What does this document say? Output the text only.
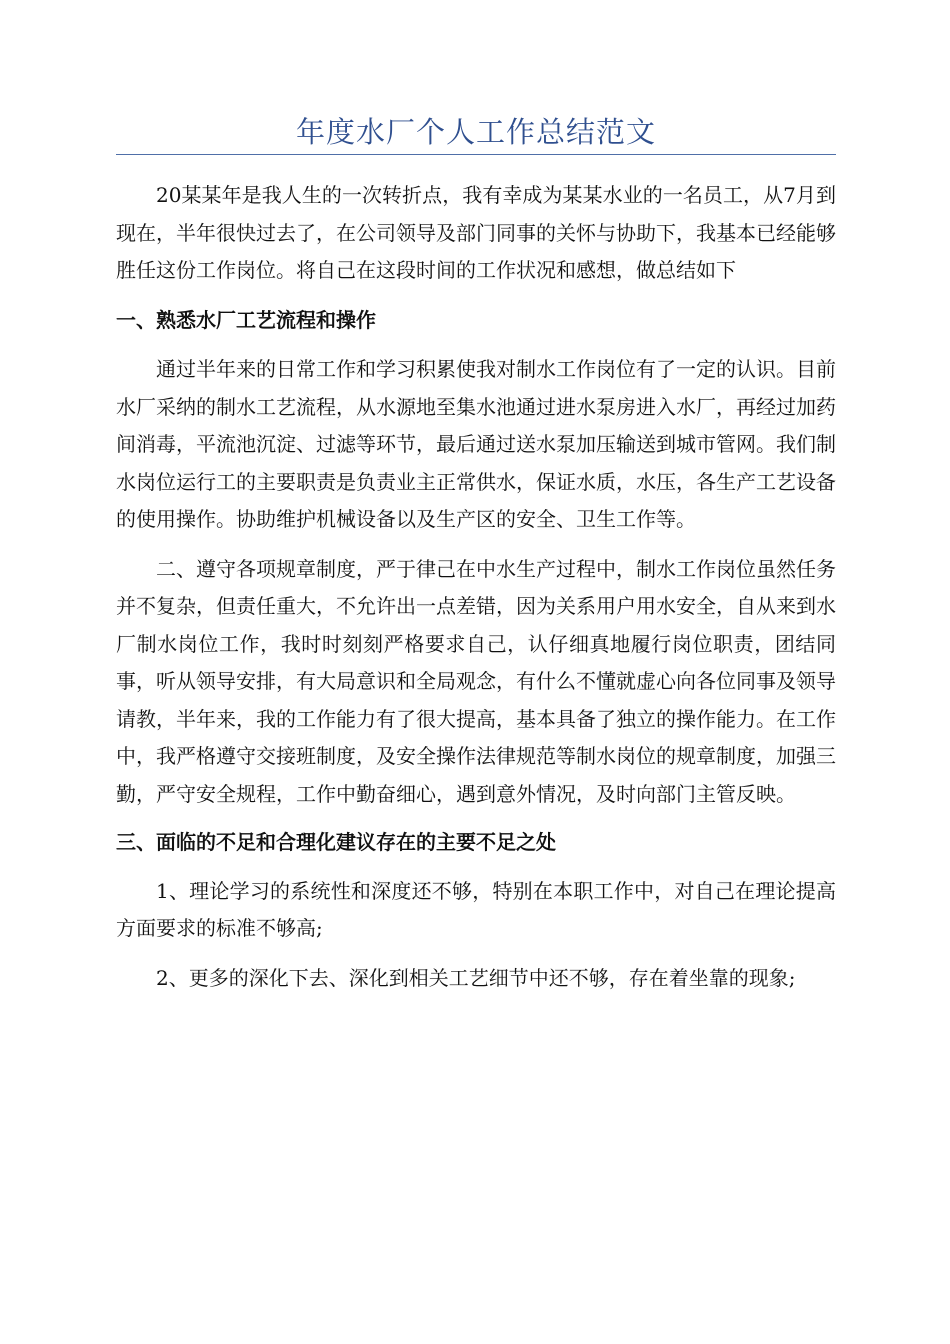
年度水厂个人工作总结范文

20某某年是我人生的一次转折点，我有幸成为某某水业的一名员工，从7月到现在，半年很快过去了，在公司领导及部门同事的关怀与协助下，我基本已经能够胜任这份工作岗位。将自己在这段时间的工作状况和感想，做总结如下

一、熟悉水厂工艺流程和操作

通过半年来的日常工作和学习积累使我对制水工作岗位有了一定的认识。目前水厂采纳的制水工艺流程，从水源地至集水池通过进水泵房进入水厂，再经过加药间消毒，平流池沉淀、过滤等环节，最后通过送水泵加压输送到城市管网。我们制水岗位运行工的主要职责是负责业主正常供水，保证水质，水压，各生产工艺设备的使用操作。协助维护机械设备以及生产区的安全、卫生工作等。

二、遵守各项规章制度，严于律己在中水生产过程中，制水工作岗位虽然任务并不复杂，但责任重大，不允许出一点差错，因为关系用户用水安全，自从来到水厂制水岗位工作，我时时刻刻严格要求自己，认仔细真地履行岗位职责，团结同事，听从领导安排，有大局意识和全局观念，有什么不懂就虚心向各位同事及领导请教，半年来，我的工作能力有了很大提高，基本具备了独立的操作能力。在工作中，我严格遵守交接班制度，及安全操作法律规范等制水岗位的规章制度，加强三勤，严守安全规程，工作中勤奋细心，遇到意外情况，及时向部门主管反映。

三、面临的不足和合理化建议存在的主要不足之处

1、理论学习的系统性和深度还不够，特别在本职工作中，对自己在理论提高方面要求的标准不够高;

2、更多的深化下去、深化到相关工艺细节中还不够，存在着坐靠的现象;
